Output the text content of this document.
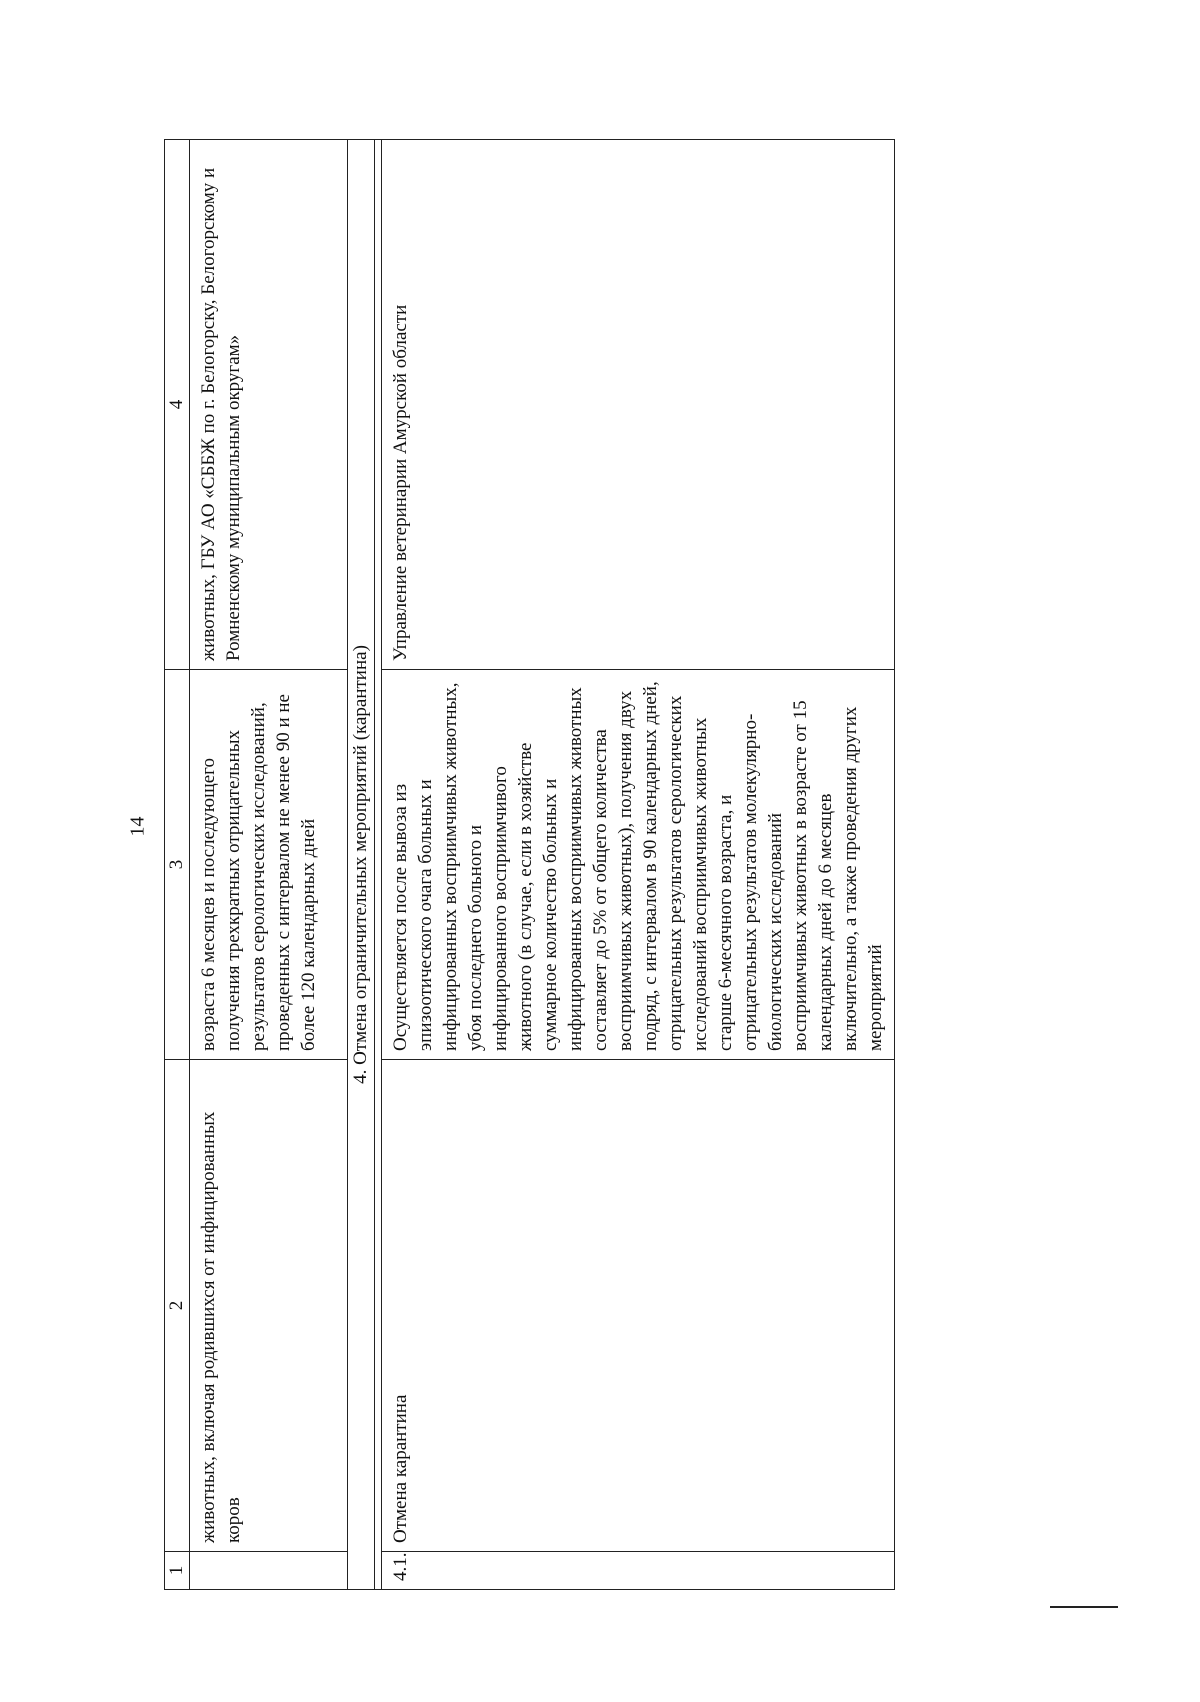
14
1	2	3	4
	животных, включая родившихся от инфицированных коров	возраста 6 месяцев и последующего получения трехкратных отрицательных результатов серологических исследований, проведенных с интервалом не менее 90 и не более 120 календарных дней	животных, ГБУ АО «СББЖ по г. Белогорску, Белогорскому и Ромненскому муниципальным округам»
4. Отмена ограничительных мероприятий (карантина)			

4.1.	Отмена карантина	Осуществляется после вывоза из эпизоотического очага больных и инфицированных восприимчивых животных, убоя последнего больного и инфицированного восприимчивого животного (в случае, если в хозяйстве суммарное количество больных и инфицированных восприимчивых животных составляет до 5% от общего количества восприимчивых животных), получения двух подряд, с интервалом в 90 календарных дней, отрицательных результатов серологических исследований восприимчивых животных старше 6-месячного возраста, и отрицательных результатов молекулярно-биологических исследований восприимчивых животных в возрасте от 15 календарных дней до 6 месяцев включительно, а также проведения других мероприятий	Управление ветеринарии Амурской области
